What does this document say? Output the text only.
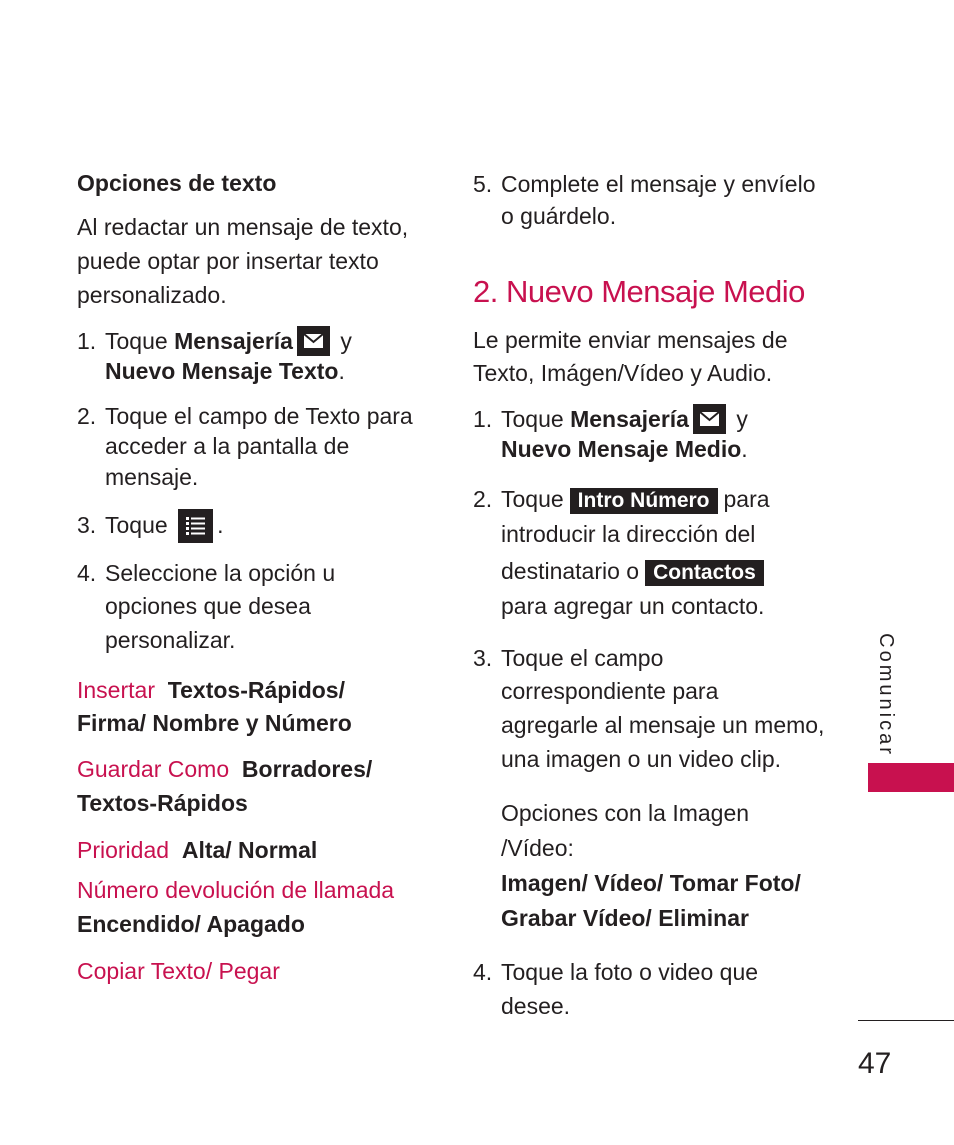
Opciones de texto
Al redactar un mensaje de texto,
puede optar por insertar texto
personalizado.
1. Toque Mensajería
y
Nuevo Mensaje Texto.
2. Toque el campo de Texto para
acceder a la pantalla de
mensaje.
3. Toque
.
4. Seleccione la opción u
opciones que desea
personalizar.
Insertar Textos-Rápidos/
Firma/ Nombre y Número
Guardar Como Borradores/
Textos-Rápidos
Prioridad Alta/ Normal
Número devolución de llamada
Encendido/ Apagado
Copiar Texto/ Pegar
5. Complete el mensaje y envíelo
o guárdelo.
2. Nuevo Mensaje Medio
Le permite enviar mensajes de
Texto, Imágen/Vídeo y Audio.
1. Toque Mensajería
y
Nuevo Mensaje Medio.
2. Toque Intro Número para
introducir la dirección del
destinatario o Contactos
para agregar un contacto.
3. Toque el campo
correspondiente para
agregarle al mensaje un memo,
una imagen o un video clip.
Opciones con la Imagen
/Vídeo:
Imagen/ Vídeo/ Tomar Foto/
Grabar Vídeo/ Eliminar
4. Toque la foto o video que
desee.
Comunicar
47
